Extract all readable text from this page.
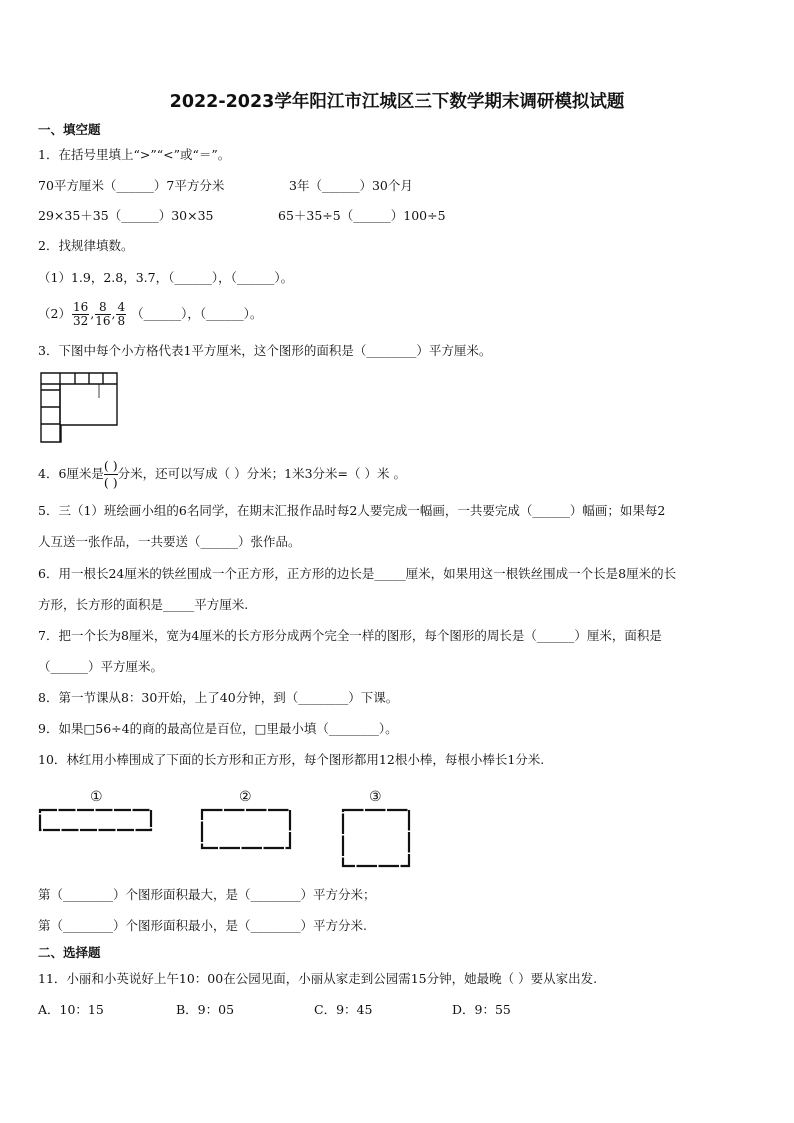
2022-2023学年阳江市江城区三下数学期末调研模拟试题
一、填空题
1．在括号里填上“>”“<”或“＝”。
70平方厘米（______）7平方分米	3年（______）30个月
29×35＋35（______）30×35	65＋35÷5（______）100÷5
2．找规律填数。
（1）1.9，2.8，3.7，（______），（______）。
$(2) \frac{16}{32}$ , $\frac{8}{16}$ , $\frac{4}{8}$ （______），（______）。
3．下图中每个小方格代表1平方厘米，这个图形的面积是（________）平方厘米。
4．6厘米是
( )
( )
分米，还可以写成（ ）分米；1米3分米=（ ）米 。
5．三（1）班绘画小组的6名同学，在期末汇报作品时每2人要完成一幅画，一共要完成（______）幅画；如果每2
人互送一张作品，一共要送（______）张作品。
6．用一根长24厘米的铁丝围成一个正方形，正方形的边长是_____厘米，如果用这一根铁丝围成一个长是8厘米的长
方形，长方形的面积是_____平方厘米.
7．把一个长为8厘米，宽为4厘米的长方形分成两个完全一样的图形，每个图形的周长是（______）厘米，面积是
（______）平方厘米。
8．第一节课从8：30开始，上了40分钟，到（________）下课。
9．如果□56÷4的商的最高位是百位，□里最小填（________）。
10．林红用小棒围成了下面的长方形和正方形，每个图形都用12根小棒，每根小棒长1分米.
①	②	③
第（________）个图形面积最大，是（________）平方分米；
第（________）个图形面积最小，是（________）平方分米.
二、选择题
11．小丽和小英说好上午10：00在公园见面，小丽从家走到公园需15分钟，她最晚（ ）要从家出发.
A．10：15	B．9：05	C．9：45	D．9：55
